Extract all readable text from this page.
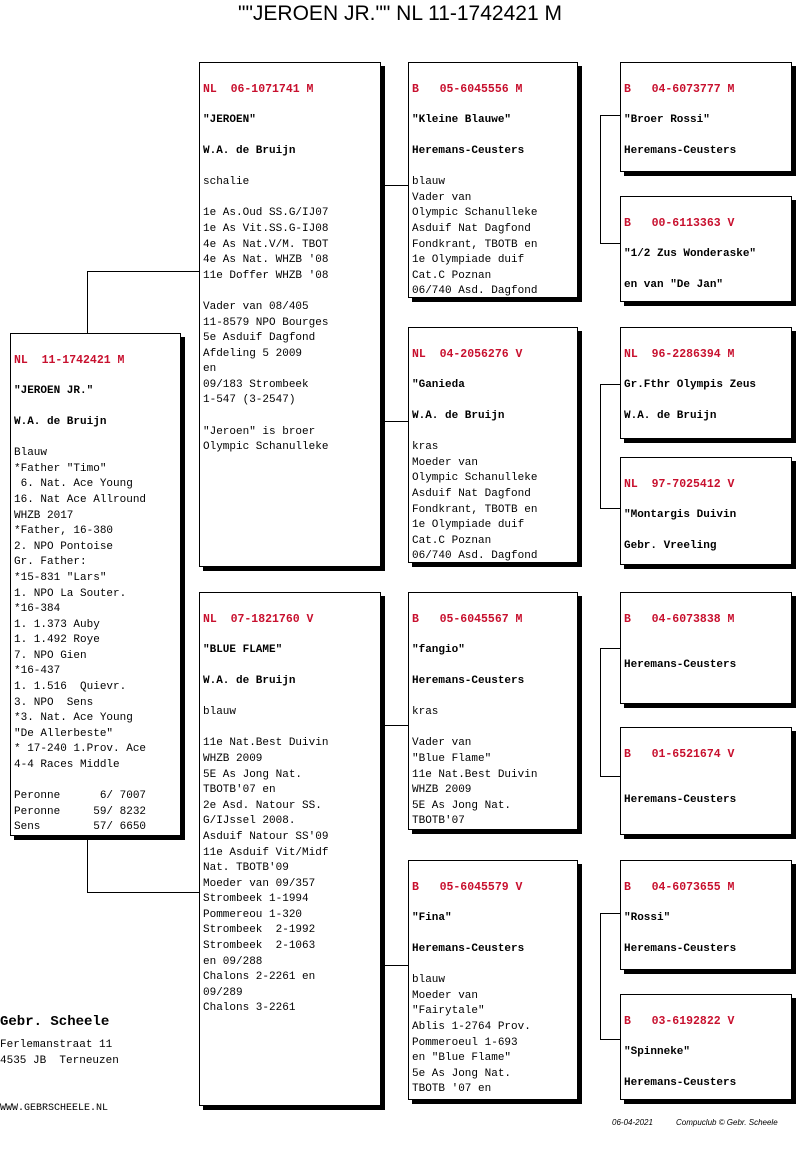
""JEROEN JR."" NL 11-1742421 M

NL  11-1742421 M

"JEROEN JR."

W.A. de Bruijn

Blauw
*Father "Timo"
6. Nat. Ace Young
16. Nat Ace Allround
WHZB 2017
*Father, 16-380
2. NPO Pontoise
Gr. Father:
*15-831 "Lars"
1. NPO La Souter.
*16-384
1. 1.373 Auby
1. 1.492 Roye
7. NPO Gien
*16-437
1. 1.516  Quievr.
3. NPO  Sens
*3. Nat. Ace Young
"De Allerbeste"
* 17-240 1.Prov. Ace
4-4 Races Middle

Peronne      6/ 7007
Peronne     59/ 8232
Sens        57/ 6650

NL  06-1071741 M

"JEROEN"

W.A. de Bruijn

schalie

1e As.Oud SS.G/IJ07
1e As Vit.SS.G-IJ08
4e As Nat.V/M. TBOT
4e As Nat. WHZB '08
11e Doffer WHZB '08

Vader van 08/405
11-8579 NPO Bourges
5e Asduif Dagfond
Afdeling 5 2009
en
09/183 Strombeek
1-547 (3-2547)

"Jeroen" is broer
Olympic Schanulleke

NL  07-1821760 V

"BLUE FLAME"

W.A. de Bruijn

blauw

11e Nat.Best Duivin
WHZB 2009
5E As Jong Nat.
TBOTB'07 en
2e Asd. Natour SS.
G/IJssel 2008.
Asduif Natour SS'09
11e Asduif Vit/Midf
Nat. TBOTB'09
Moeder van 09/357
Strombeek 1-1994
Pommereou 1-320
Strombeek  2-1992
Strombeek  2-1063
en 09/288
Chalons 2-2261 en
09/289
Chalons 3-2261

B   05-6045556 M

"Kleine Blauwe"

Heremans-Ceusters

blauw
Vader van
Olympic Schanulleke
Asduif Nat Dagfond
Fondkrant, TBOTB en
1e Olympiade duif
Cat.C Poznan
06/740 Asd. Dagfond

NL  04-2056276 V

"Ganieda

W.A. de Bruijn

kras
Moeder van
Olympic Schanulleke
Asduif Nat Dagfond
Fondkrant, TBOTB en
1e Olympiade duif
Cat.C Poznan
06/740 Asd. Dagfond

B   05-6045567 M

"fangio"

Heremans-Ceusters

kras

Vader van
"Blue Flame"
11e Nat.Best Duivin
WHZB 2009
5E As Jong Nat.
TBOTB'07

B   05-6045579 V

"Fina"

Heremans-Ceusters

blauw
Moeder van
"Fairytale"
Ablis 1-2764 Prov.
Pommeroeul 1-693
en "Blue Flame"
5e As Jong Nat.
TBOTB '07 en

B   04-6073777 M

"Broer Rossi"

Heremans-Ceusters

B   00-6113363 V

"1/2 Zus Wonderaske"

en van "De Jan"

NL  96-2286394 M

Gr.Fthr Olympis Zeus

W.A. de Bruijn

NL  97-7025412 V

"Montargis Duivin

Gebr. Vreeling

B   04-6073838 M

Heremans-Ceusters

B   01-6521674 V

Heremans-Ceusters

B   04-6073655 M

"Rossi"

Heremans-Ceusters

B   03-6192822 V

"Spinneke"

Heremans-Ceusters

Gebr. Scheele
Ferlemanstraat 11
4535 JB  Terneuzen
WWW.GEBRSCHEELE.NL
06-04-2021	Compuclub © Gebr. Scheele
